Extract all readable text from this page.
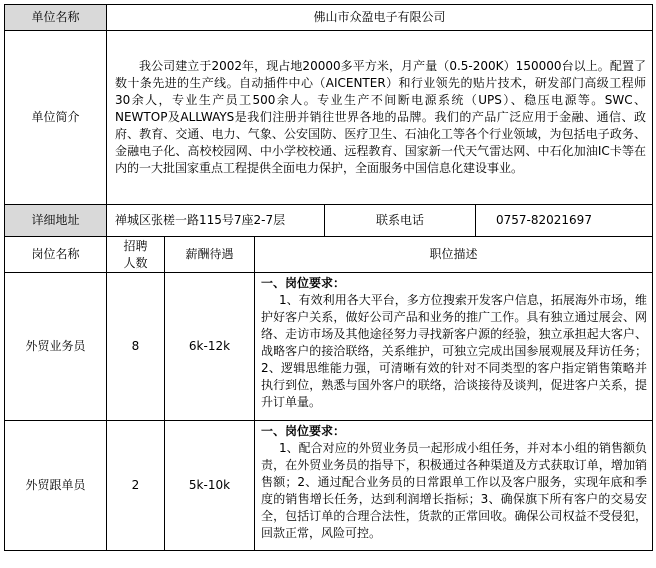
单位名称	佛山市众盈电子有限公司			
单位简介	我公司建立于2002年，现占地20000多平方米，月产量（0.5-200K）150000台以上。配置了数十条先进的生产线。自动插件中心（AICENTER）和行业领先的贴片技术，研发部门高级工程师30余人，专业生产员工500余人。专业生产不间断电源系统（UPS）、稳压电源等。SWC、NEWTOP及ALLWAYS是我们注册并销往世界各地的品牌。我们的产品广泛应用于金融、通信、政府、教育、交通、电力、气象、公安国防、医疗卫生、石油化工等各个行业领域，为包括电子政务、金融电子化、高校校园网、中小学校校通、远程教育、国家新一代天气雷达网、中石化加油IC卡等在内的一大批国家重点工程提供全面电力保护，全面服务中国信息化建设事业。			
详细地址	禅城区张槎一路115号7座2-7层			联系电话 0757-82021697

岗位名称	招聘人数	薪酬待遇	职位描述	
外贸业务员	8	6k-12k	一、岗位要求：
1、有效利用各大平台，多方位搜索开发客户信息，拓展海外市场，维护好客户关系，做好公司产品和业务的推广工作。具有独立通过展会、网络、走访市场及其他途径努力寻找新客户源的经验，独立承担起大客户、战略客户的接洽联络，关系维护，可独立完成出国参展观展及拜访任务；2、逻辑思维能力强，可清晰有效的针对不同类型的客户指定销售策略并执行到位，熟悉与国外客户的联络，洽谈接待及谈判，促进客户关系，提升订单量。	

外贸跟单员	2	5k-10k	一、岗位要求：
1、配合对应的外贸业务员一起形成小组任务，并对本小组的销售额负责，在外贸业务员的指导下，积极通过各种渠道及方式获取订单，增加销售额；2、通过配合业务员的日常跟单工作以及客户服务，实现年底和季度的销售增长任务，达到利润增长指标；3、确保旗下所有客户的交易安全，包括订单的合理合法性，货款的正常回收。确保公司权益不受侵犯，回款正常，风险可控。	
